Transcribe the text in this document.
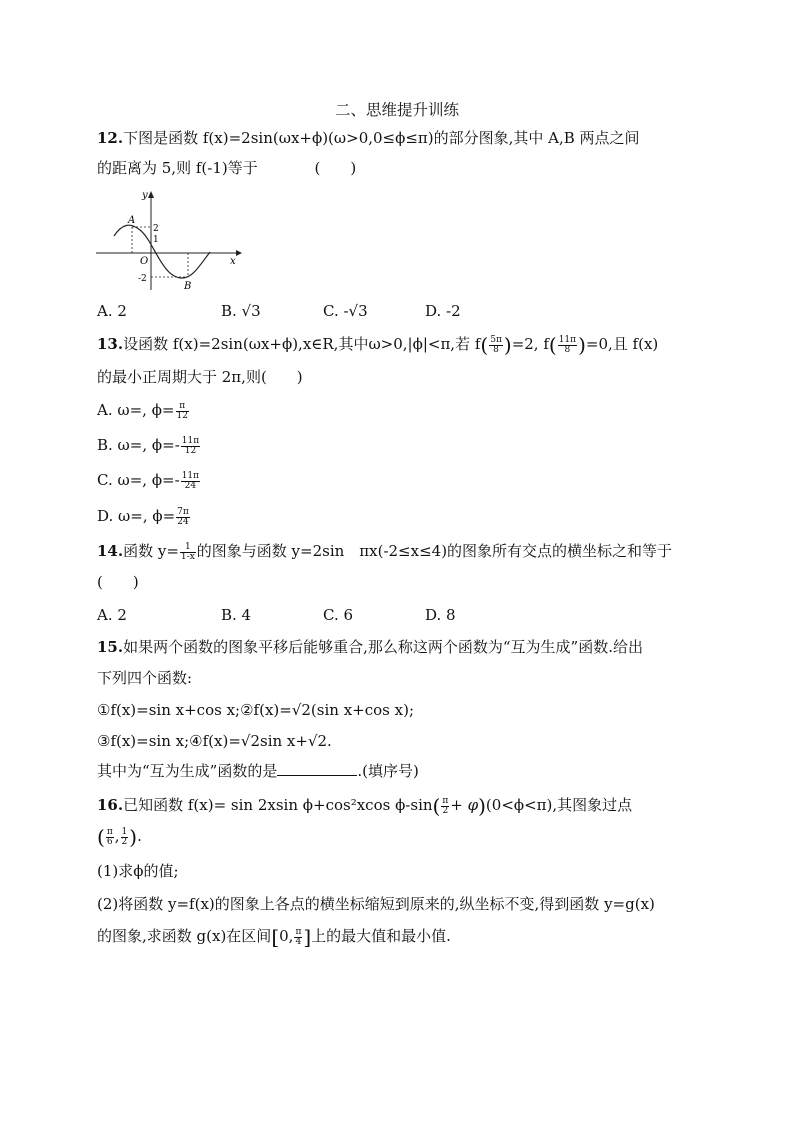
二、思维提升训练
12.下图是函数 f(x)=2sin(ωx+ϕ)(ω>0,0≤ϕ≤π)的部分图象,其中 A,B 两点之间
的距离为 5,则 f(-1)等于	(　　)
y
x
A
B
O
2
1
-2
A. 2	B. √3	C. -√3	D. -2
13.设函数 f(x)=2sin(ωx+ϕ),x∈R,其中ω>0,|ϕ|<π,若 $f( \frac{5\pi}{8} )=2$, $f( \frac{11\pi}{8} )=0$,且 f(x)
的最小正周期大于 2π,则(　　)
A. ω=, $\phi= \frac{\pi}{12}$
B. ω=, $\phi=- \frac{11\pi}{12}$
C. ω=, $\phi=- \frac{11\pi}{24}$
D. ω=, $\phi= \frac{7\pi}{24}$
14.函数 $y= \frac{1}{1-x}$ 的图象与函数 y=2sin　πx(-2≤x≤4)的图象所有交点的横坐标之和等于
(　　)
A. 2	B. 4	C. 6	D. 8
15.如果两个函数的图象平移后能够重合,那么称这两个函数为“互为生成”函数.给出
下列四个函数:
①f(x)=sin x+cos x;②f(x)=√2(sin x+cos x);
③f(x)=sin x;④f(x)=√2sin x+√2.
其中为“互为生成”函数的是	.(填序号)
16.已知函数 f(x)= sin 2xsin ϕ+cos²xcos $\phi-\sin( \frac{\pi}{2} + \varphi)(0<\phi<\pi)$,其图象过点
( $\frac{\pi}{6}$ , $\frac{1}{2}$ ).
(1)求ϕ的值;
(2)将函数 y=f(x)的图象上各点的横坐标缩短到原来的,纵坐标不变,得到函数 y=g(x)
的图象,求函数 g(x)在区间[0, $\frac{\pi}{4}$ ]上的最大值和最小值.
